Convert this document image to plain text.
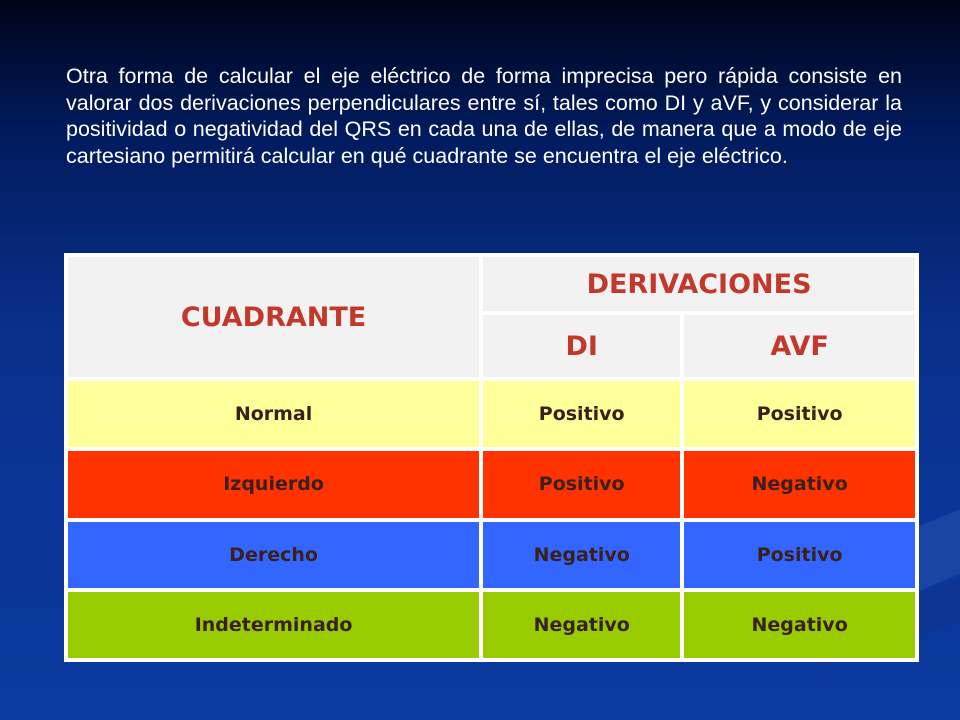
Otra forma de calcular el eje eléctrico de forma imprecisa pero rápida consiste en valorar dos derivaciones perpendiculares entre sí, tales como DI y aVF, y considerar la positividad o negatividad del QRS en cada una de ellas, de manera que a modo de eje cartesiano permitirá calcular en qué cuadrante se encuentra el eje eléctrico.

CUADRANTE	DERIVACIONES	
	DI	AVF
Normal	Positivo	Positivo
Izquierdo	Positivo	Negativo
Derecho	Negativo	Positivo
Indeterminado	Negativo	Negativo
